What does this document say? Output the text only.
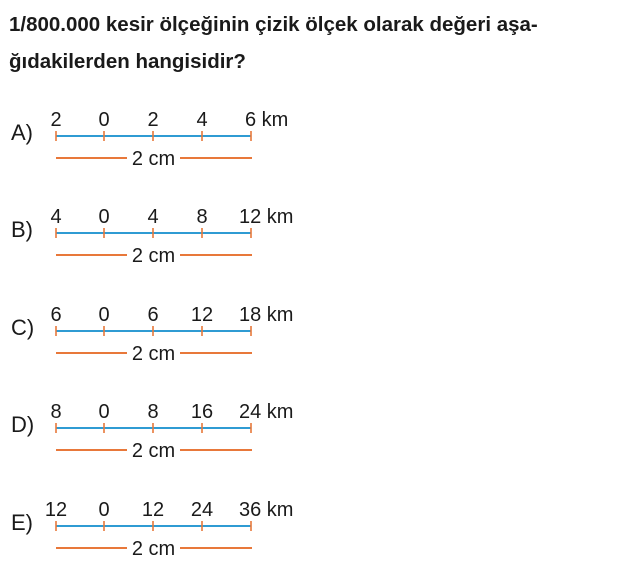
1/800.000 kesir ölçeğinin çizik ölçek olarak değeri aşa-
ğıdakilerden hangisidir?
A) 2 0 2 4 6 km
2 cm
B) 4 0 4 8 12 km
2 cm
C) 6 0 6 12 18 km
2 cm
D) 8 0 8 16 24 km
2 cm
E) 12 0 12 24 36 km
2 cm
